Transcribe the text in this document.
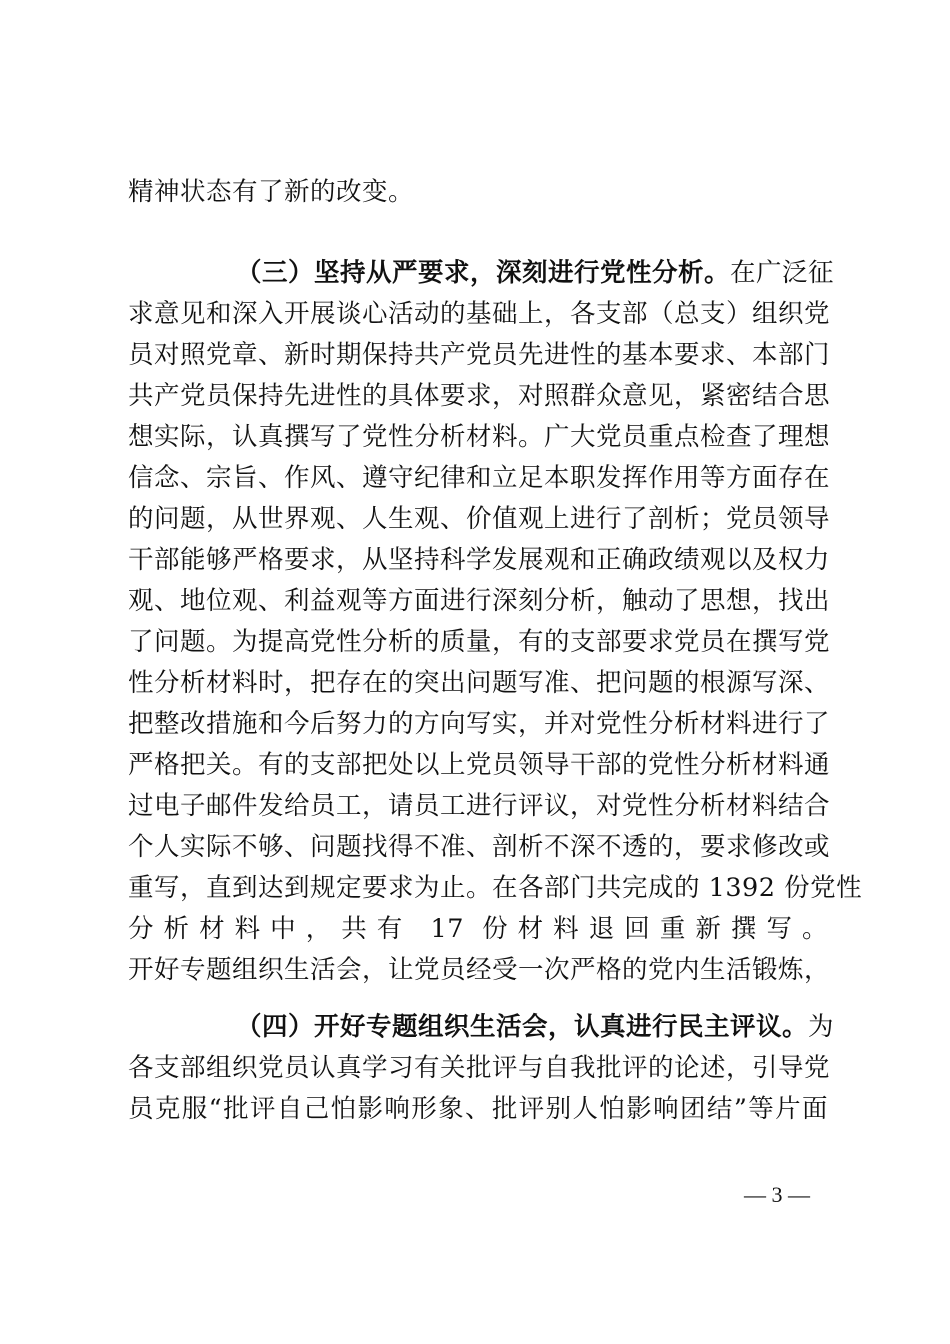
精神状态有了新的改变。
（三）坚持从严要求，深刻进行党性分析。在广泛征
求意见和深入开展谈心活动的基础上，各支部（总支）组织党
员对照党章、新时期保持共产党员先进性的基本要求、本部门
共产党员保持先进性的具体要求，对照群众意见，紧密结合思
想实际，认真撰写了党性分析材料。广大党员重点检查了理想
信念、宗旨、作风、遵守纪律和立足本职发挥作用等方面存在
的问题，从世界观、人生观、价值观上进行了剖析；党员领导
干部能够严格要求，从坚持科学发展观和正确政绩观以及权力
观、地位观、利益观等方面进行深刻分析，触动了思想，找出
了问题。为提高党性分析的质量，有的支部要求党员在撰写党
性分析材料时，把存在的突出问题写准、把问题的根源写深、
把整改措施和今后努力的方向写实，并对党性分析材料进行了
严格把关。有的支部把处以上党员领导干部的党性分析材料通
过电子邮件发给员工，请员工进行评议，对党性分析材料结合
个人实际不够、问题找得不准、剖析不深不透的，要求修改或
重写，直到达到规定要求为止。在各部门共完成的 1392 份党性
分析材料中，共有 17 份材料退回重新撰写。
开好专题组织生活会，让党员经受一次严格的党内生活锻炼，
（四）开好专题组织生活会，认真进行民主评议。为
各支部组织党员认真学习有关批评与自我批评的论述，引导党
员克服“批评自己怕影响形象、批评别人怕影响团结”等片面
— 3 —
